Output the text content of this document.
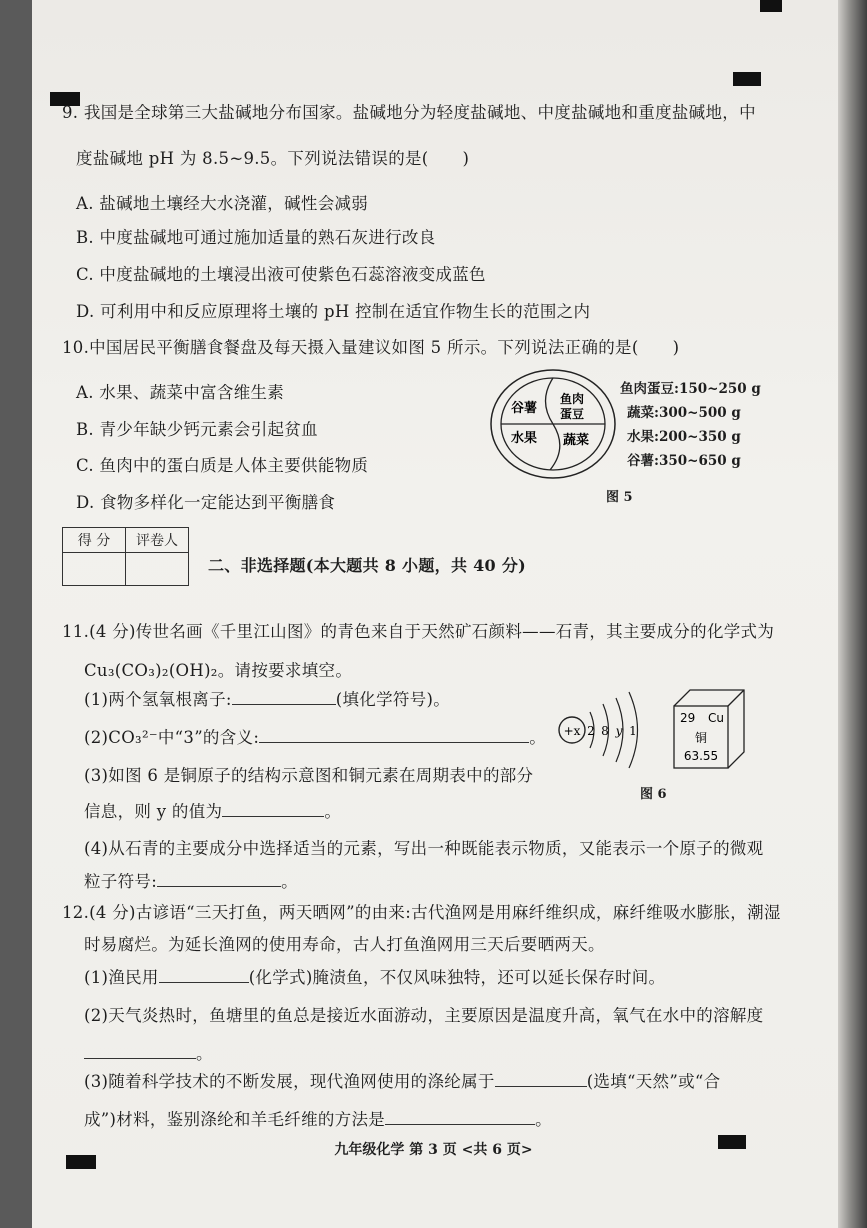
9. 我国是全球第三大盐碱地分布国家。盐碱地分为轻度盐碱地、中度盐碱地和重度盐碱地，中
度盐碱地 pH 为 8.5~9.5。下列说法错误的是( )
A. 盐碱地土壤经大水浇灌，碱性会减弱
B. 中度盐碱地可通过施加适量的熟石灰进行改良
C. 中度盐碱地的土壤浸出液可使紫色石蕊溶液变成蓝色
D. 可利用中和反应原理将土壤的 pH 控制在适宜作物生长的范围之内
10.中国居民平衡膳食餐盘及每天摄入量建议如图 5 所示。下列说法正确的是( )
A. 水果、蔬菜中富含维生素
B. 青少年缺少钙元素会引起贫血
C. 鱼肉中的蛋白质是人体主要供能物质
D. 食物多样化一定能达到平衡膳食
谷薯
鱼肉
蛋豆
水果 蔬菜
鱼肉蛋豆:150~250 g
蔬菜:300~500 g
水果:200~350 g
谷薯:350~650 g
图 5
得 分	评卷人

二、非选择题(本大题共 8 小题，共 40 分)
11.(4 分)传世名画《千里江山图》的青色来自于天然矿石颜料——石青，其主要成分的化学式为
Cu₃(CO₃)₂(OH)₂。请按要求填空。
(1)两个氢氧根离子:	(填化学符号)。
(2)CO₃²⁻中“3”的含义:	。
(3)如图 6 是铜原子的结构示意图和铜元素在周期表中的部分
信息，则 y 的值为	。
(4)从石青的主要成分中选择适当的元素，写出一种既能表示物质，又能表示一个原子的微观
粒子符号:	。
+x 2 8 y 1
29 Cu
铜
63.55
图 6
12.(4 分)古谚语“三天打鱼，两天晒网”的由来:古代渔网是用麻纤维织成，麻纤维吸水膨胀，潮湿
时易腐烂。为延长渔网的使用寿命，古人打鱼渔网用三天后要晒两天。
(1)渔民用	(化学式)腌渍鱼，不仅风味独特，还可以延长保存时间。
(2)天气炎热时，鱼塘里的鱼总是接近水面游动，主要原因是温度升高，氧气在水中的溶解度
。
(3)随着科学技术的不断发展，现代渔网使用的涤纶属于	(选填“天然”或“合
成”)材料，鉴别涤纶和羊毛纤维的方法是	。
九年级化学 第 3 页 <共 6 页>
